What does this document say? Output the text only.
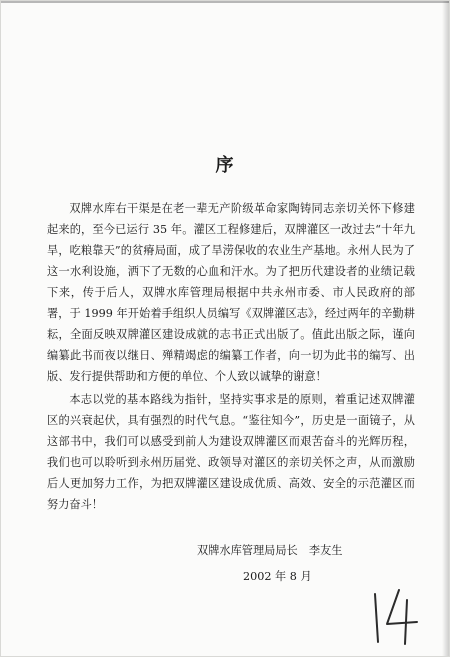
序

双牌水库右干渠是在老一辈无产阶级革命家陶铸同志亲切关怀下修建起来的，至今已运行 35 年。灌区工程修建后，双牌灌区一改过去“十年九旱，吃粮靠天”的贫瘠局面，成了旱涝保收的农业生产基地。永州人民为了这一水利设施，洒下了无数的心血和汗水。为了把历代建设者的业绩记载下来，传于后人，双牌水库管理局根据中共永州市委、市人民政府的部署，于 1999 年开始着手组织人员编写《双牌灌区志》，经过两年的辛勤耕耘，全面反映双牌灌区建设成就的志书正式出版了。值此出版之际，谨向编纂此书而夜以继日、殚精竭虑的编纂工作者，向一切为此书的编写、出版、发行提供帮助和方便的单位、个人致以诚挚的谢意！

本志以党的基本路线为指针，坚持实事求是的原则，着重记述双牌灌区的兴衰起伏，具有强烈的时代气息。“鉴往知今”，历史是一面镜子，从这部书中，我们可以感受到前人为建设双牌灌区而艰苦奋斗的光辉历程，我们也可以聆听到永州历届党、政领导对灌区的亲切关怀之声，从而激励后人更加努力工作，为把双牌灌区建设成优质、高效、安全的示范灌区而努力奋斗！

双牌水库管理局局长　李友生
2002 年 8 月
